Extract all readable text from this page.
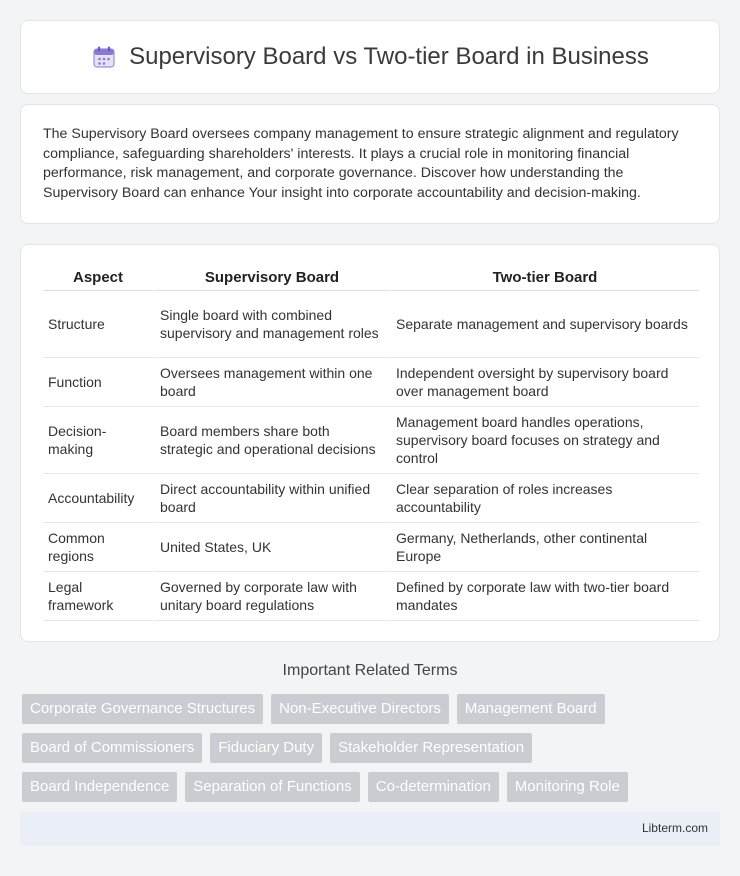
Supervisory Board vs Two-tier Board in Business

The Supervisory Board oversees company management to ensure strategic alignment and regulatory compliance, safeguarding shareholders' interests. It plays a crucial role in monitoring financial performance, risk management, and corporate governance. Discover how understanding the Supervisory Board can enhance Your insight into corporate accountability and decision-making.

Aspect	Supervisory Board	Two-tier Board
Structure	Single board with combined supervisory and management roles	Separate management and supervisory boards
Function	Oversees management within one board	Independent oversight by supervisory board over management board
Decision-making	Board members share both strategic and operational decisions	Management board handles operations, supervisory board focuses on strategy and control
Accountability	Direct accountability within unified board	Clear separation of roles increases accountability
Common regions	United States, UK	Germany, Netherlands, other continental Europe
Legal framework	Governed by corporate law with unitary board regulations	Defined by corporate law with two-tier board mandates
Important Related Terms
Corporate Governance Structures	Non-Executive Directors	Management Board
Board of Commissioners	Fiduciary Duty	Stakeholder Representation
Board Independence	Separation of Functions	Co-determination	Monitoring Role
Libterm.com
